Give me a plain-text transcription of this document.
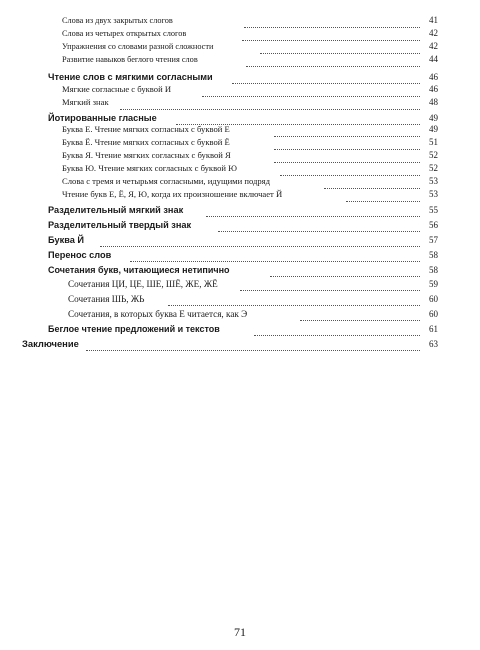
Слова из двух закрытых слогов	41
Слова из четырех открытых слогов	42
Упражнения со словами разной сложности	42
Развитие навыков беглого чтения слов	44
Чтение слов с мягкими согласными	46
Мягкие согласные с буквой И	46
Мягкий знак	48
Йотированные гласные	49
Буква Е. Чтение мягких согласных с буквой Е	49
Буква Ё. Чтение мягких согласных с буквой Ё	51
Буква Я. Чтение мягких согласных с буквой Я	52
Буква Ю. Чтение мягких согласных с буквой Ю	52
Слова с тремя и четырьмя согласными, идущими подряд	53
Чтение букв Е, Ё, Я, Ю, когда их произношение включает Й	53
Разделительный мягкий знак	55
Разделительный твердый знак	56
Буква Й	57
Перенос слов	58
Сочетания букв, читающиеся нетипично	58
Сочетания ЦИ, ЦЕ, ШЕ, ШЁ, ЖЕ, ЖЁ	59
Сочетания ШЬ, ЖЬ	60
Сочетания, в которых буква Е читается, как Э	60
Беглое чтение предложений и текстов	61
Заключение	63
71
